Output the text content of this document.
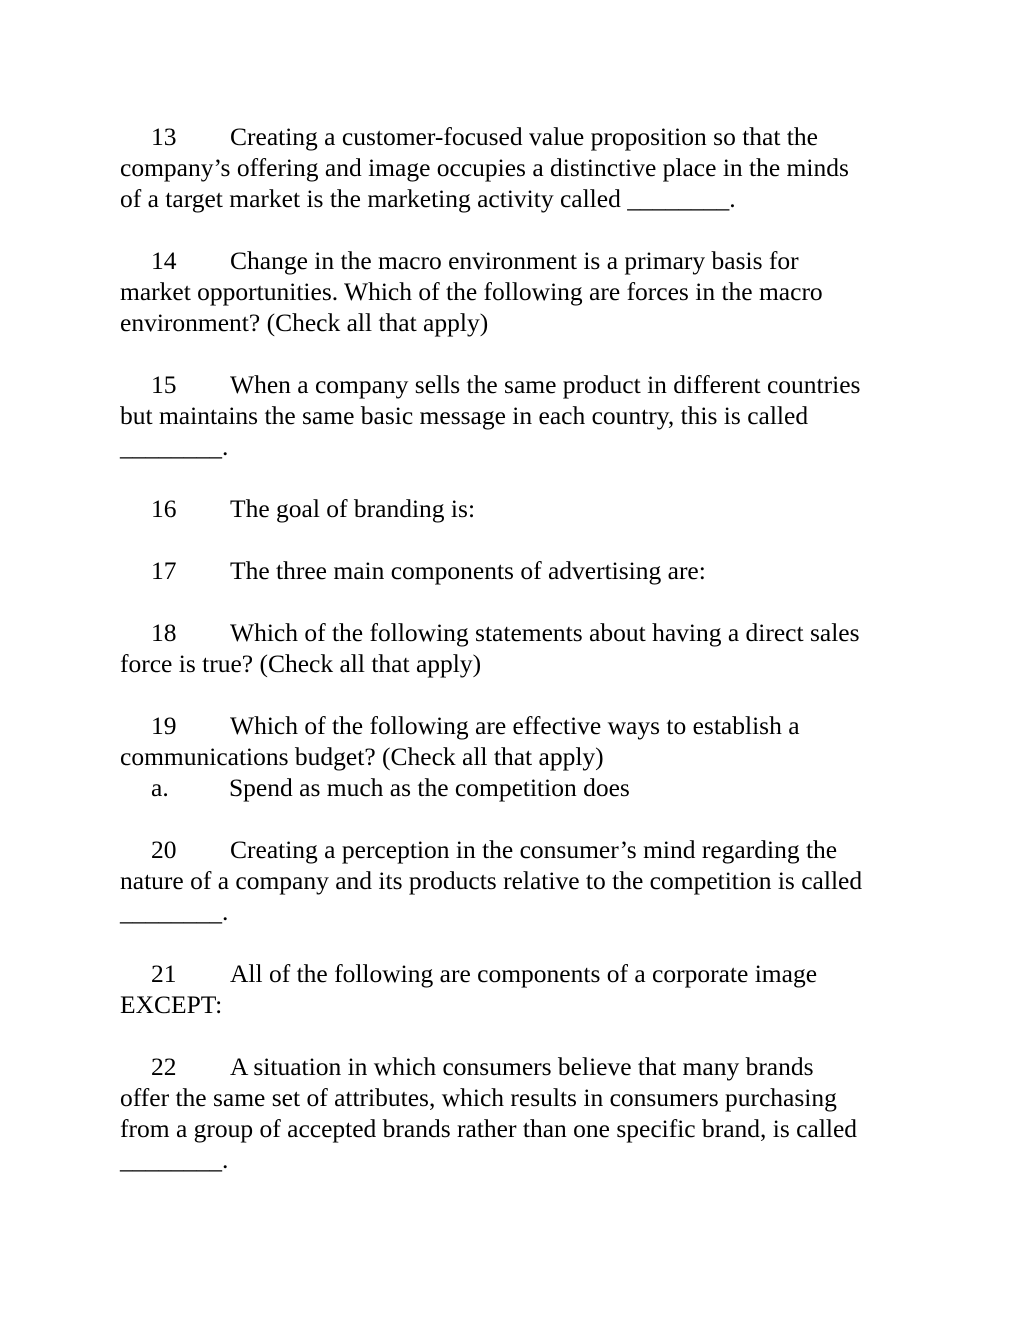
13 Creating a customer-focused value proposition so that the
company’s offering and image occupies a distinctive place in the minds
of a target market is the marketing activity called ________.
14 Change in the macro environment is a primary basis for
market opportunities. Which of the following are forces in the macro
environment? (Check all that apply)
15 When a company sells the same product in different countries
but maintains the same basic message in each country, this is called
________.
16 The goal of branding is:
17 The three main components of advertising are:
18 Which of the following statements about having a direct sales
force is true? (Check all that apply)
19 Which of the following are effective ways to establish a
communications budget? (Check all that apply)
a. Spend as much as the competition does
20 Creating a perception in the consumer’s mind regarding the
nature of a company and its products relative to the competition is called
________.
21 All of the following are components of a corporate image
EXCEPT:
22 A situation in which consumers believe that many brands
offer the same set of attributes, which results in consumers purchasing
from a group of accepted brands rather than one specific brand, is called
________.
